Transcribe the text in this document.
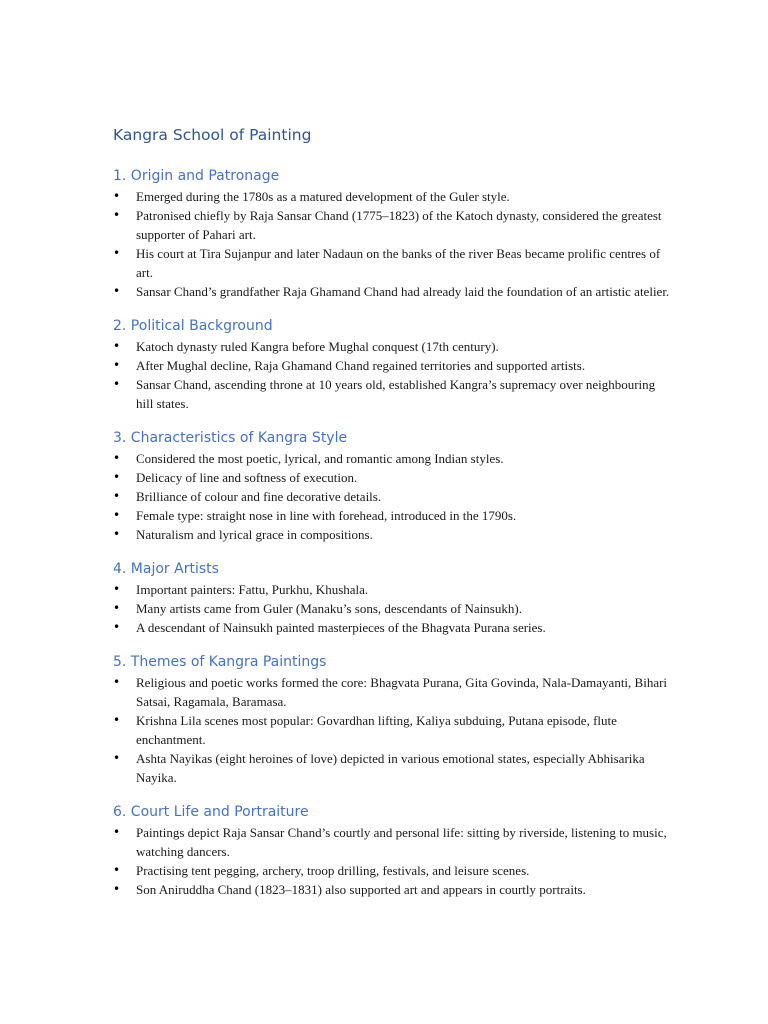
Kangra School of Painting
1. Origin and Patronage
• Emerged during the 1780s as a matured development of the Guler style.
• Patronised chiefly by Raja Sansar Chand (1775–1823) of the Katoch dynasty, considered the greatest supporter of Pahari art.
• His court at Tira Sujanpur and later Nadaun on the banks of the river Beas became prolific centres of art.
• Sansar Chand’s grandfather Raja Ghamand Chand had already laid the foundation of an artistic atelier.
2. Political Background
• Katoch dynasty ruled Kangra before Mughal conquest (17th century).
• After Mughal decline, Raja Ghamand Chand regained territories and supported artists.
• Sansar Chand, ascending throne at 10 years old, established Kangra’s supremacy over neighbouring hill states.
3. Characteristics of Kangra Style
• Considered the most poetic, lyrical, and romantic among Indian styles.
• Delicacy of line and softness of execution.
• Brilliance of colour and fine decorative details.
• Female type: straight nose in line with forehead, introduced in the 1790s.
• Naturalism and lyrical grace in compositions.
4. Major Artists
• Important painters: Fattu, Purkhu, Khushala.
• Many artists came from Guler (Manaku’s sons, descendants of Nainsukh).
• A descendant of Nainsukh painted masterpieces of the Bhagvata Purana series.
5. Themes of Kangra Paintings
• Religious and poetic works formed the core: Bhagvata Purana, Gita Govinda, Nala-Damayanti, Bihari Satsai, Ragamala, Baramasa.
• Krishna Lila scenes most popular: Govardhan lifting, Kaliya subduing, Putana episode, flute enchantment.
• Ashta Nayikas (eight heroines of love) depicted in various emotional states, especially Abhisarika Nayika.
6. Court Life and Portraiture
• Paintings depict Raja Sansar Chand’s courtly and personal life: sitting by riverside, listening to music, watching dancers.
• Practising tent pegging, archery, troop drilling, festivals, and leisure scenes.
• Son Aniruddha Chand (1823–1831) also supported art and appears in courtly portraits.
